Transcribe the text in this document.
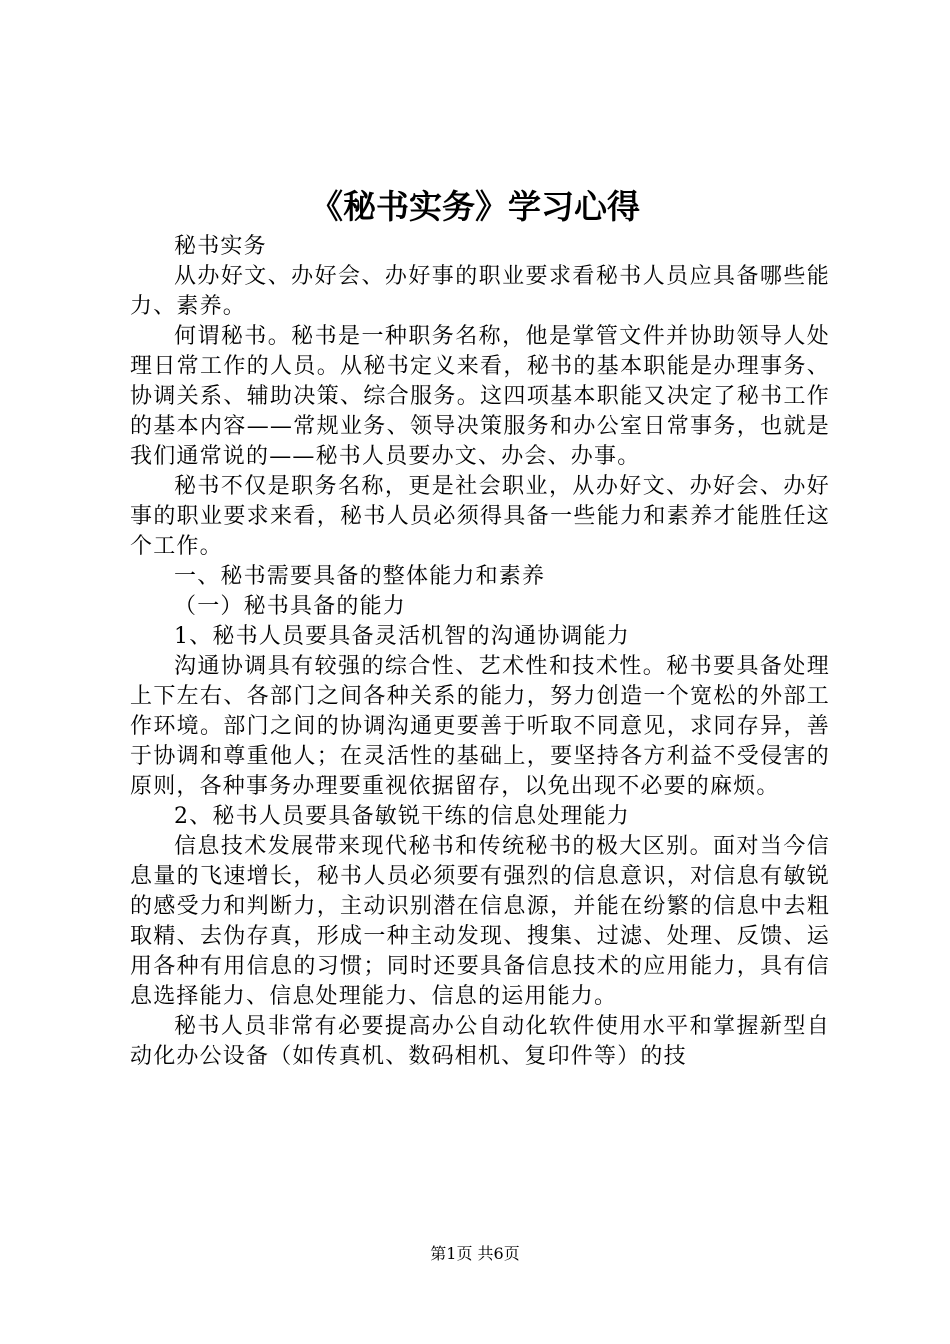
《秘书实务》学习心得

秘书实务

从办好文、办好会、办好事的职业要求看秘书人员应具备哪些能力、素养。

何谓秘书。秘书是一种职务名称，他是掌管文件并协助领导人处理日常工作的人员。从秘书定义来看，秘书的基本职能是办理事务、协调关系、辅助决策、综合服务。这四项基本职能又决定了秘书工作的基本内容——常规业务、领导决策服务和办公室日常事务，也就是我们通常说的——秘书人员要办文、办会、办事。

秘书不仅是职务名称，更是社会职业，从办好文、办好会、办好事的职业要求来看，秘书人员必须得具备一些能力和素养才能胜任这个工作。

一、秘书需要具备的整体能力和素养

（一）秘书具备的能力

1、秘书人员要具备灵活机智的沟通协调能力

沟通协调具有较强的综合性、艺术性和技术性。秘书要具备处理上下左右、各部门之间各种关系的能力，努力创造一个宽松的外部工作环境。部门之间的协调沟通更要善于听取不同意见，求同存异，善于协调和尊重他人；在灵活性的基础上，要坚持各方利益不受侵害的原则，各种事务办理要重视依据留存，以免出现不必要的麻烦。

2、秘书人员要具备敏锐干练的信息处理能力

信息技术发展带来现代秘书和传统秘书的极大区别。面对当今信息量的飞速增长，秘书人员必须要有强烈的信息意识，对信息有敏锐的感受力和判断力，主动识别潜在信息源，并能在纷繁的信息中去粗取精、去伪存真，形成一种主动发现、搜集、过滤、处理、反馈、运用各种有用信息的习惯；同时还要具备信息技术的应用能力，具有信息选择能力、信息处理能力、信息的运用能力。

秘书人员非常有必要提高办公自动化软件使用水平和掌握新型自动化办公设备（如传真机、数码相机、复印件等）的技

第1页 共6页
